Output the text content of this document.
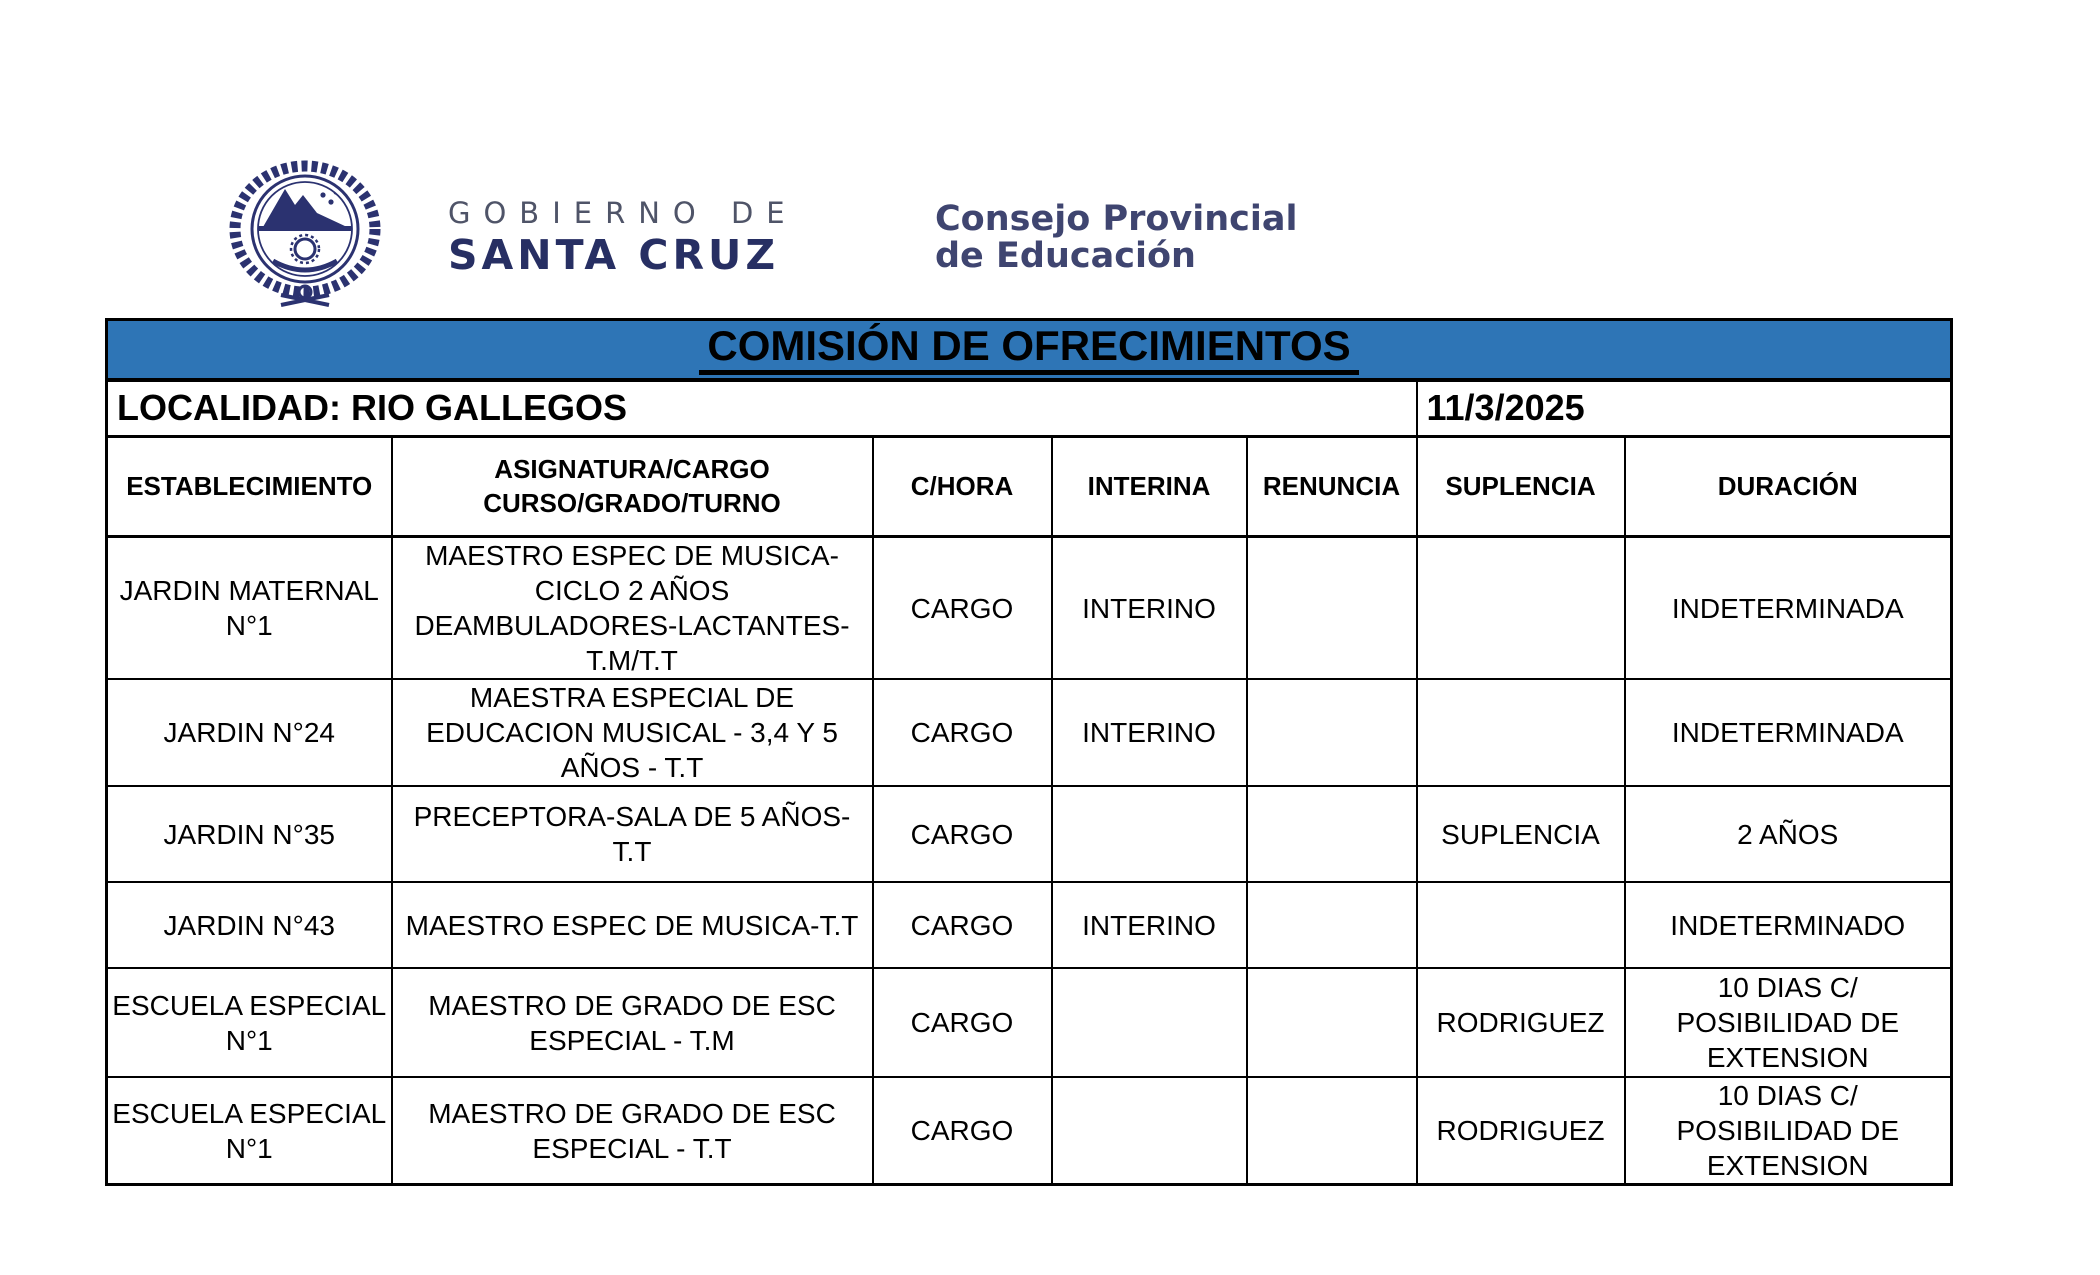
GOBIERNO DE
SANTA CRUZ
Consejo Provincial
de Educación
COMISIÓN DE OFRECIMIENTOS						
LOCALIDAD: RIO GALLEGOS					11/3/2025	
ESTABLECIMIENTO	ASIGNATURA/CARGO CURSO/GRADO/TURNO	C/HORA	INTERINA	RENUNCIA	SUPLENCIA	DURACIÓN
JARDIN MATERNAL N°1	MAESTRO ESPEC DE MUSICA-CICLO 2 AÑOS DEAMBULADORES-LACTANTES-T.M/T.T	CARGO	INTERINO			INDETERMINADA
JARDIN N°24	MAESTRA ESPECIAL DE EDUCACION MUSICAL - 3,4 Y 5 AÑOS - T.T	CARGO	INTERINO			INDETERMINADA
JARDIN N°35	PRECEPTORA-SALA DE 5 AÑOS-T.T	CARGO			SUPLENCIA	2 AÑOS
JARDIN N°43	MAESTRO ESPEC DE MUSICA-T.T	CARGO	INTERINO			INDETERMINADO
ESCUELA ESPECIAL N°1	MAESTRO DE GRADO DE ESC ESPECIAL - T.M	CARGO			RODRIGUEZ	10 DIAS C/ POSIBILIDAD DE EXTENSION
ESCUELA ESPECIAL N°1	MAESTRO DE GRADO DE ESC ESPECIAL - T.T	CARGO			RODRIGUEZ	10 DIAS C/ POSIBILIDAD DE EXTENSION
